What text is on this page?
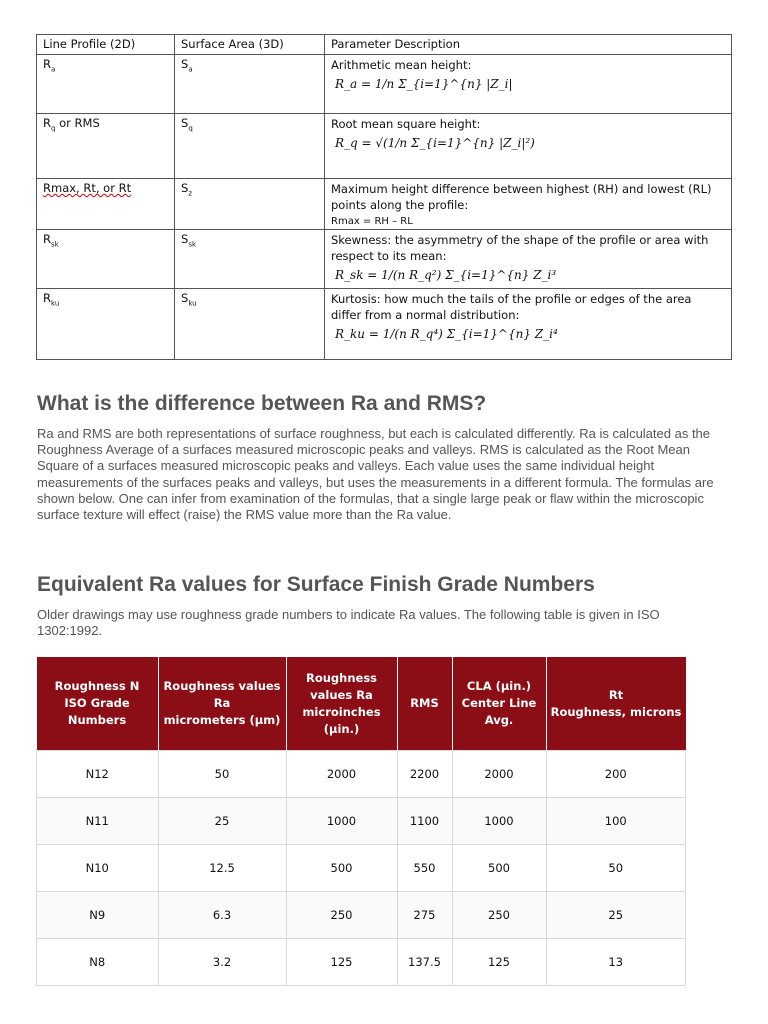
Line Profile (2D)	Surface Area (3D)	Parameter Description
$R_a$	$S_a$	Arithmetic mean height:
R_a = 1/n Σ_{i=1}^{n} |Z_i|

$R_q$ or RMS	$S_q$	Root mean square height:
R_q = √(1/n Σ_{i=1}^{n} |Z_i|²)

Rmax, Rt, or Rt	$S_z$	Maximum height difference between highest (RH) and lowest (RL) points along the profile:
Rmax = RH – RL
$R_{sk}$	$S_{sk}$	Skewness: the asymmetry of the shape of the profile or area with respect to its mean:
R_sk = 1/(n R_q²) Σ_{i=1}^{n} Z_i³

$R_{ku}$	$S_{ku}$	Kurtosis: how much the tails of the profile or edges of the area differ from a normal distribution:
R_ku = 1/(n R_q⁴) Σ_{i=1}^{n} Z_i⁴
What is the difference between Ra and RMS?

Ra and RMS are both representations of surface roughness, but each is calculated differently. Ra is calculated as the Roughness Average of a surfaces measured microscopic peaks and valleys. RMS is calculated as the Root Mean Square of a surfaces measured microscopic peaks and valleys. Each value uses the same individual height measurements of the surfaces peaks and valleys, but uses the measurements in a different formula. The formulas are shown below. One can infer from examination of the formulas, that a single large peak or flaw within the microscopic surface texture will effect (raise) the RMS value more than the Ra value.

Equivalent Ra values for Surface Finish Grade Numbers

Older drawings may use roughness grade numbers to indicate Ra values. The following table is given in ISO 1302:1992.

Roughness N
ISO Grade Numbers	Roughness values
Ra
micrometers (µm)	Roughness
values Ra
microinches
(µin.)	RMS	CLA (µin.)
Center Line
Avg.	Rt
Roughness, microns
N12	50	2000	2200	2000	200
N11	25	1000	1100	1000	100
N10	12.5	500	550	500	50
N9	6.3	250	275	250	25
N8	3.2	125	137.5	125	13
